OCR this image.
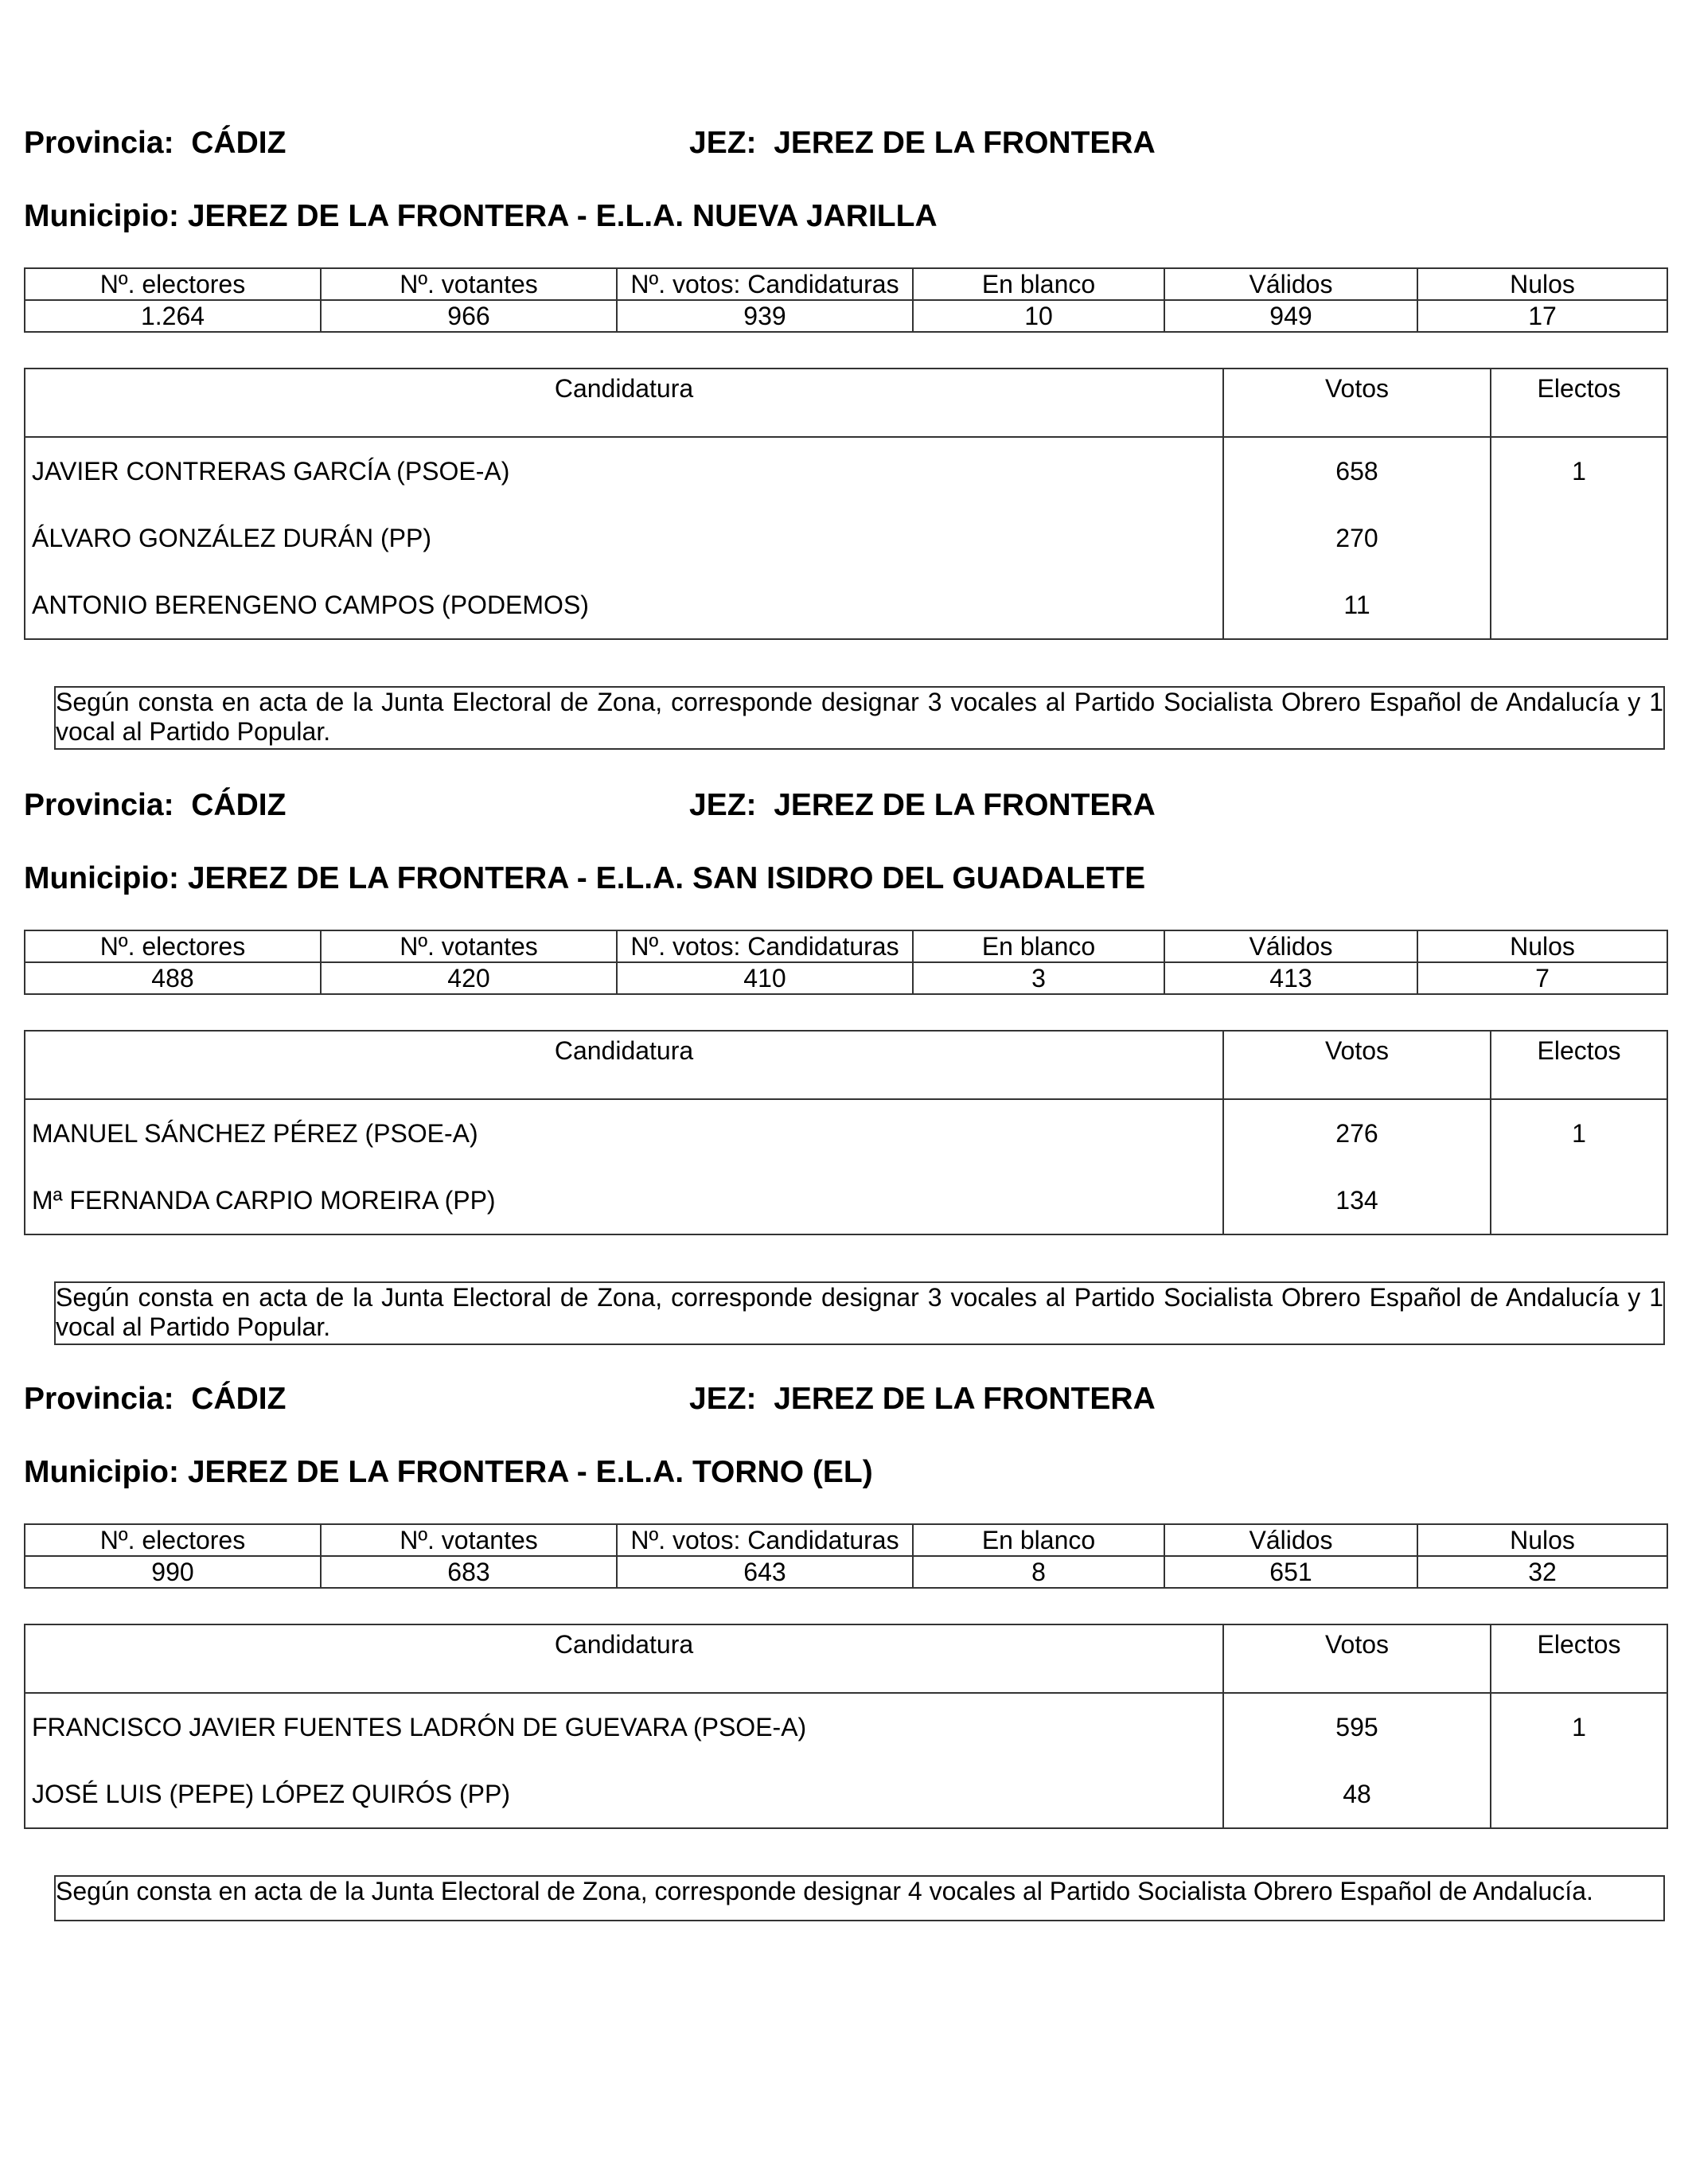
Provincia: CÁDIZ	JEZ: JEREZ DE LA FRONTERA
Municipio: JEREZ DE LA FRONTERA - E.L.A. NUEVA JARILLA
Nº. electores	Nº. votantes	Nº. votos: Candidaturas	En blanco	Válidos	Nulos
1.264	966	939	10	949	17
Candidatura	Votos	Electos
JAVIER CONTRERAS GARCÍA (PSOE-A)	658	1
ÁLVARO GONZÁLEZ DURÁN (PP)	270	
ANTONIO BERENGENO CAMPOS (PODEMOS)	11	
Según consta en acta de la Junta Electoral de Zona, corresponde designar 3 vocales al Partido Socialista Obrero Español de Andalucía y 1 vocal al Partido Popular.
Provincia: CÁDIZ	JEZ: JEREZ DE LA FRONTERA
Municipio: JEREZ DE LA FRONTERA - E.L.A. SAN ISIDRO DEL GUADALETE
Nº. electores	Nº. votantes	Nº. votos: Candidaturas	En blanco	Válidos	Nulos
488	420	410	3	413	7
Candidatura	Votos	Electos
MANUEL SÁNCHEZ PÉREZ (PSOE-A)	276	1
Mª FERNANDA CARPIO MOREIRA (PP)	134	
Según consta en acta de la Junta Electoral de Zona, corresponde designar 3 vocales al Partido Socialista Obrero Español de Andalucía y 1 vocal al Partido Popular.
Provincia: CÁDIZ	JEZ: JEREZ DE LA FRONTERA
Municipio: JEREZ DE LA FRONTERA - E.L.A. TORNO (EL)
Nº. electores	Nº. votantes	Nº. votos: Candidaturas	En blanco	Válidos	Nulos
990	683	643	8	651	32
Candidatura	Votos	Electos
FRANCISCO JAVIER FUENTES LADRÓN DE GUEVARA (PSOE-A)	595	1
JOSÉ LUIS (PEPE) LÓPEZ QUIRÓS (PP)	48	
Según consta en acta de la Junta Electoral de Zona, corresponde designar 4 vocales al Partido Socialista Obrero Español de Andalucía.
